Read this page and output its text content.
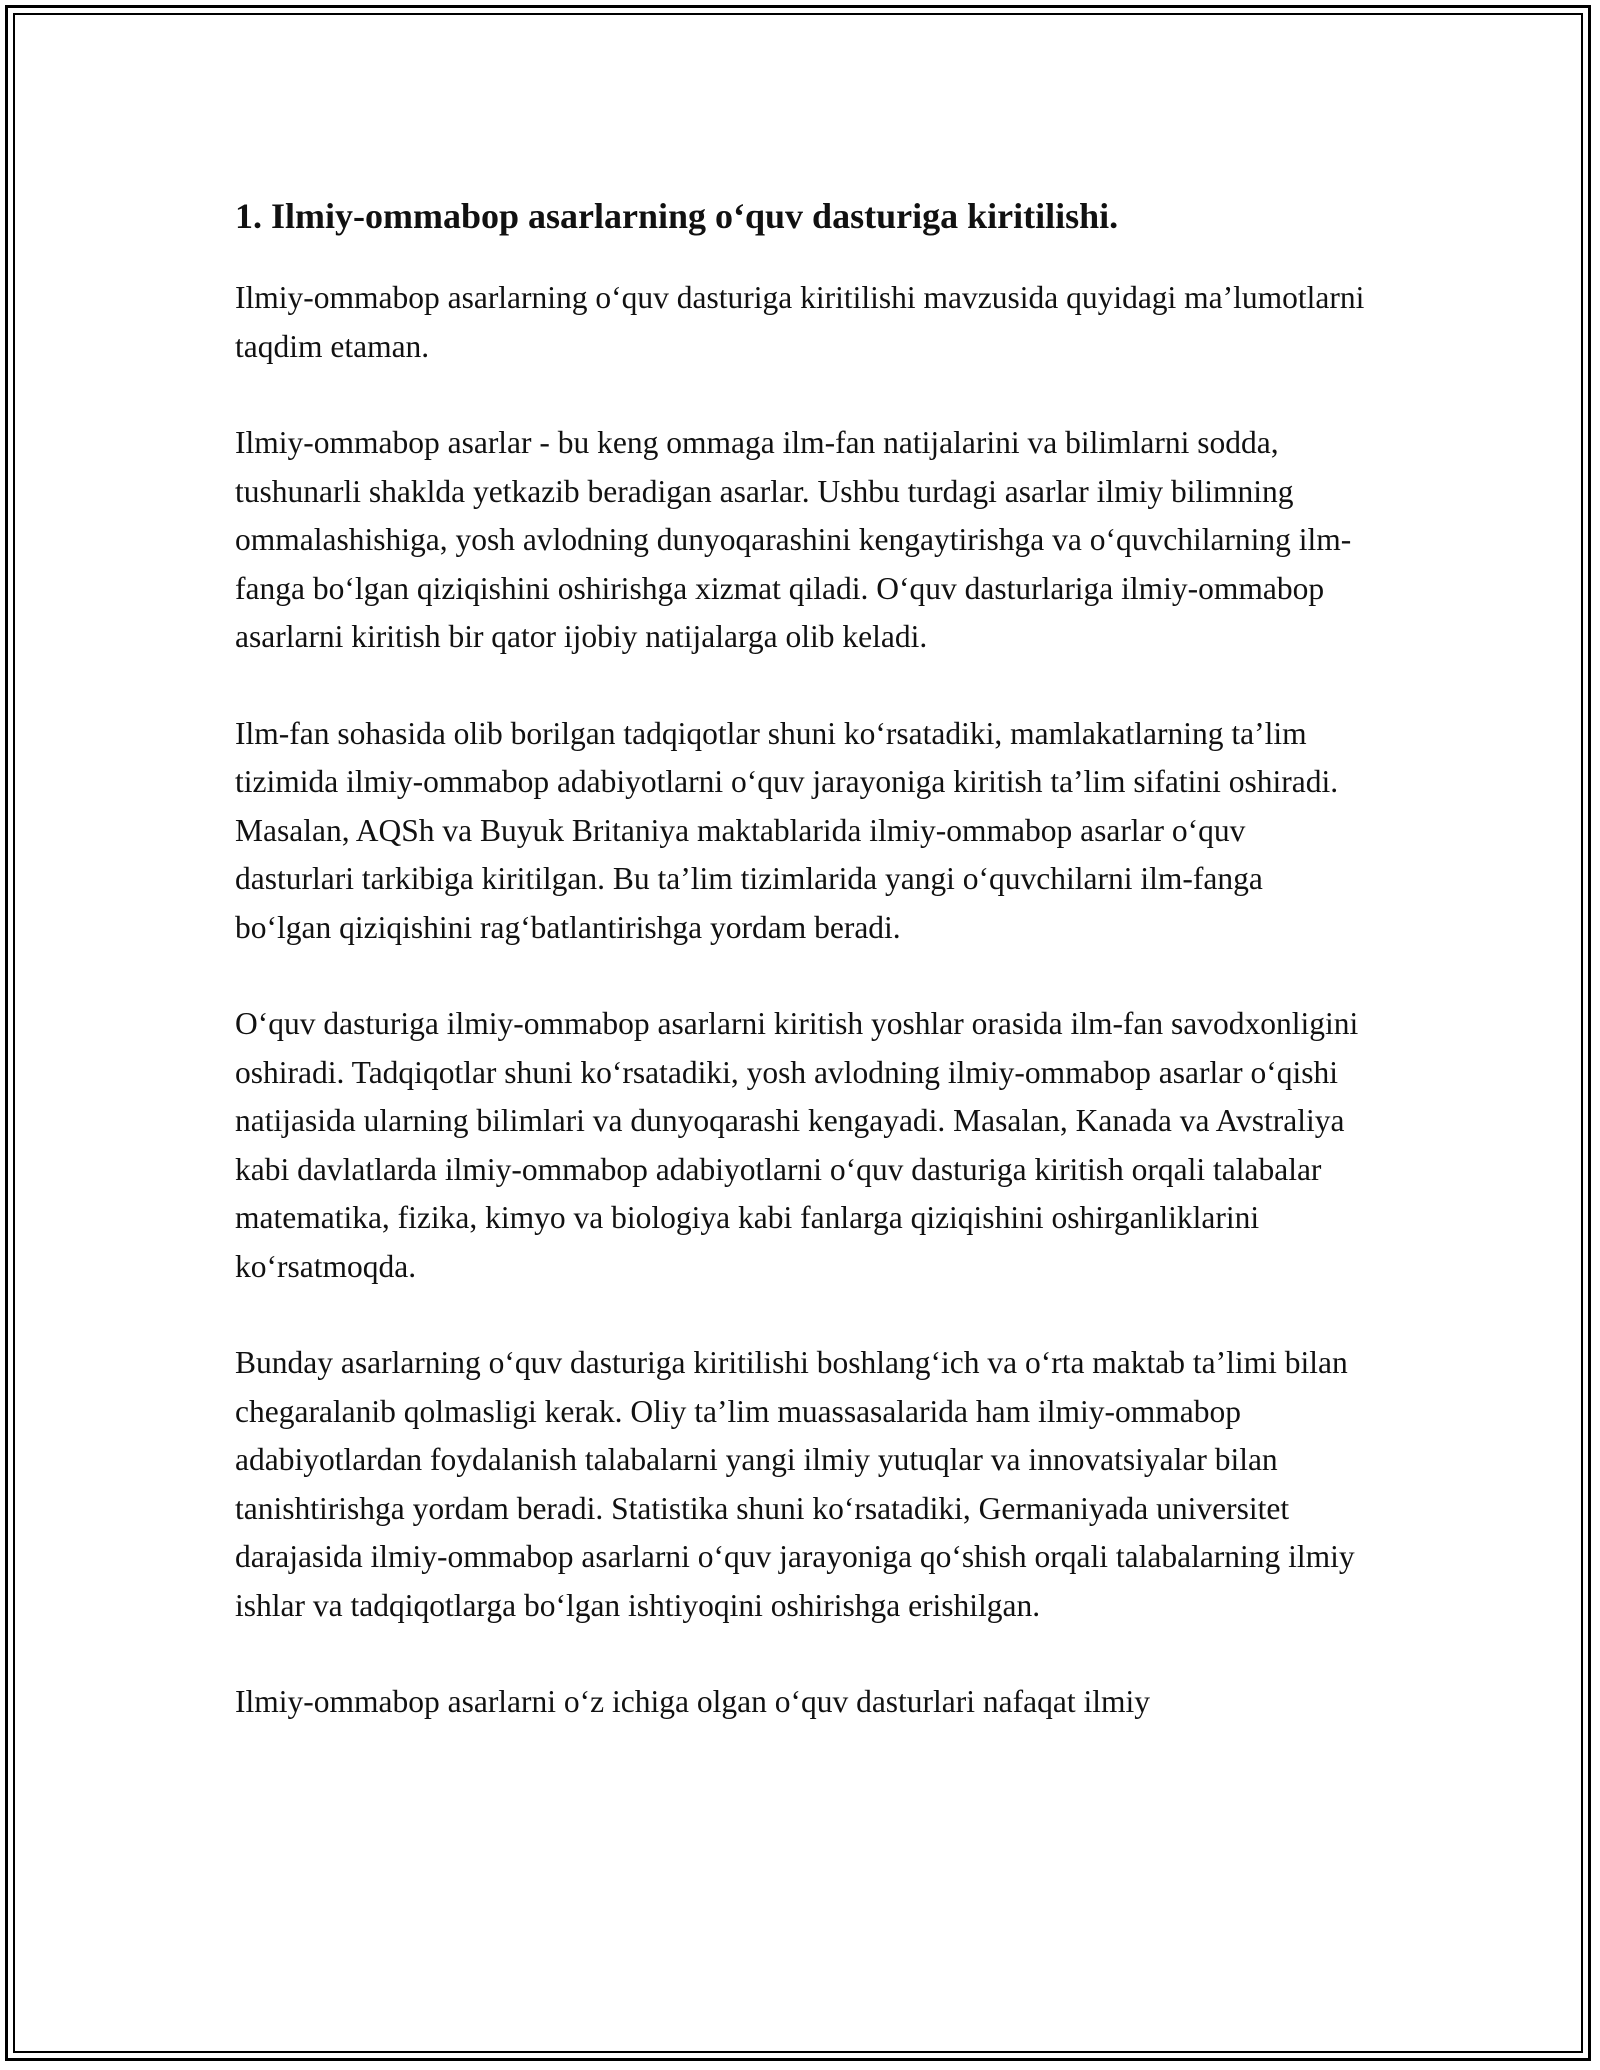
1. Ilmiy-ommabop asarlarning o‘quv dasturiga kiritilishi.

Ilmiy-ommabop asarlarning o‘quv dasturiga kiritilishi mavzusida quyidagi ma’lumotlarni taqdim etaman.

Ilmiy-ommabop asarlar - bu keng ommaga ilm-fan natijalarini va bilimlarni sodda, tushunarli shaklda yetkazib beradigan asarlar. Ushbu turdagi asarlar ilmiy bilimning ommalashishiga, yosh avlodning dunyoqarashini kengaytirishga va o‘quvchilarning ilm-fanga bo‘lgan qiziqishini oshirishga xizmat qiladi. O‘quv dasturlariga ilmiy-ommabop asarlarni kiritish bir qator ijobiy natijalarga olib keladi.

Ilm-fan sohasida olib borilgan tadqiqotlar shuni ko‘rsatadiki, mamlakatlarning ta’lim tizimida ilmiy-ommabop adabiyotlarni o‘quv jarayoniga kiritish ta’lim sifatini oshiradi. Masalan, AQSh va Buyuk Britaniya maktablarida ilmiy-ommabop asarlar o‘quv dasturlari tarkibiga kiritilgan. Bu ta’lim tizimlarida yangi o‘quvchilarni ilm-fanga bo‘lgan qiziqishini rag‘batlantirishga yordam beradi.

O‘quv dasturiga ilmiy-ommabop asarlarni kiritish yoshlar orasida ilm-fan savodxonligini oshiradi. Tadqiqotlar shuni ko‘rsatadiki, yosh avlodning ilmiy-ommabop asarlar o‘qishi natijasida ularning bilimlari va dunyoqarashi kengayadi. Masalan, Kanada va Avstraliya kabi davlatlarda ilmiy-ommabop adabiyotlarni o‘quv dasturiga kiritish orqali talabalar matematika, fizika, kimyo va biologiya kabi fanlarga qiziqishini oshirganliklarini ko‘rsatmoqda.

Bunday asarlarning o‘quv dasturiga kiritilishi boshlang‘ich va o‘rta maktab ta’limi bilan chegaralanib qolmasligi kerak. Oliy ta’lim muassasalarida ham ilmiy-ommabop adabiyotlardan foydalanish talabalarni yangi ilmiy yutuqlar va innovatsiyalar bilan tanishtirishga yordam beradi. Statistika shuni ko‘rsatadiki, Germaniyada universitet darajasida ilmiy-ommabop asarlarni o‘quv jarayoniga qo‘shish orqali talabalarning ilmiy ishlar va tadqiqotlarga bo‘lgan ishtiyoqini oshirishga erishilgan.

Ilmiy-ommabop asarlarni o‘z ichiga olgan o‘quv dasturlari nafaqat ilmiy
